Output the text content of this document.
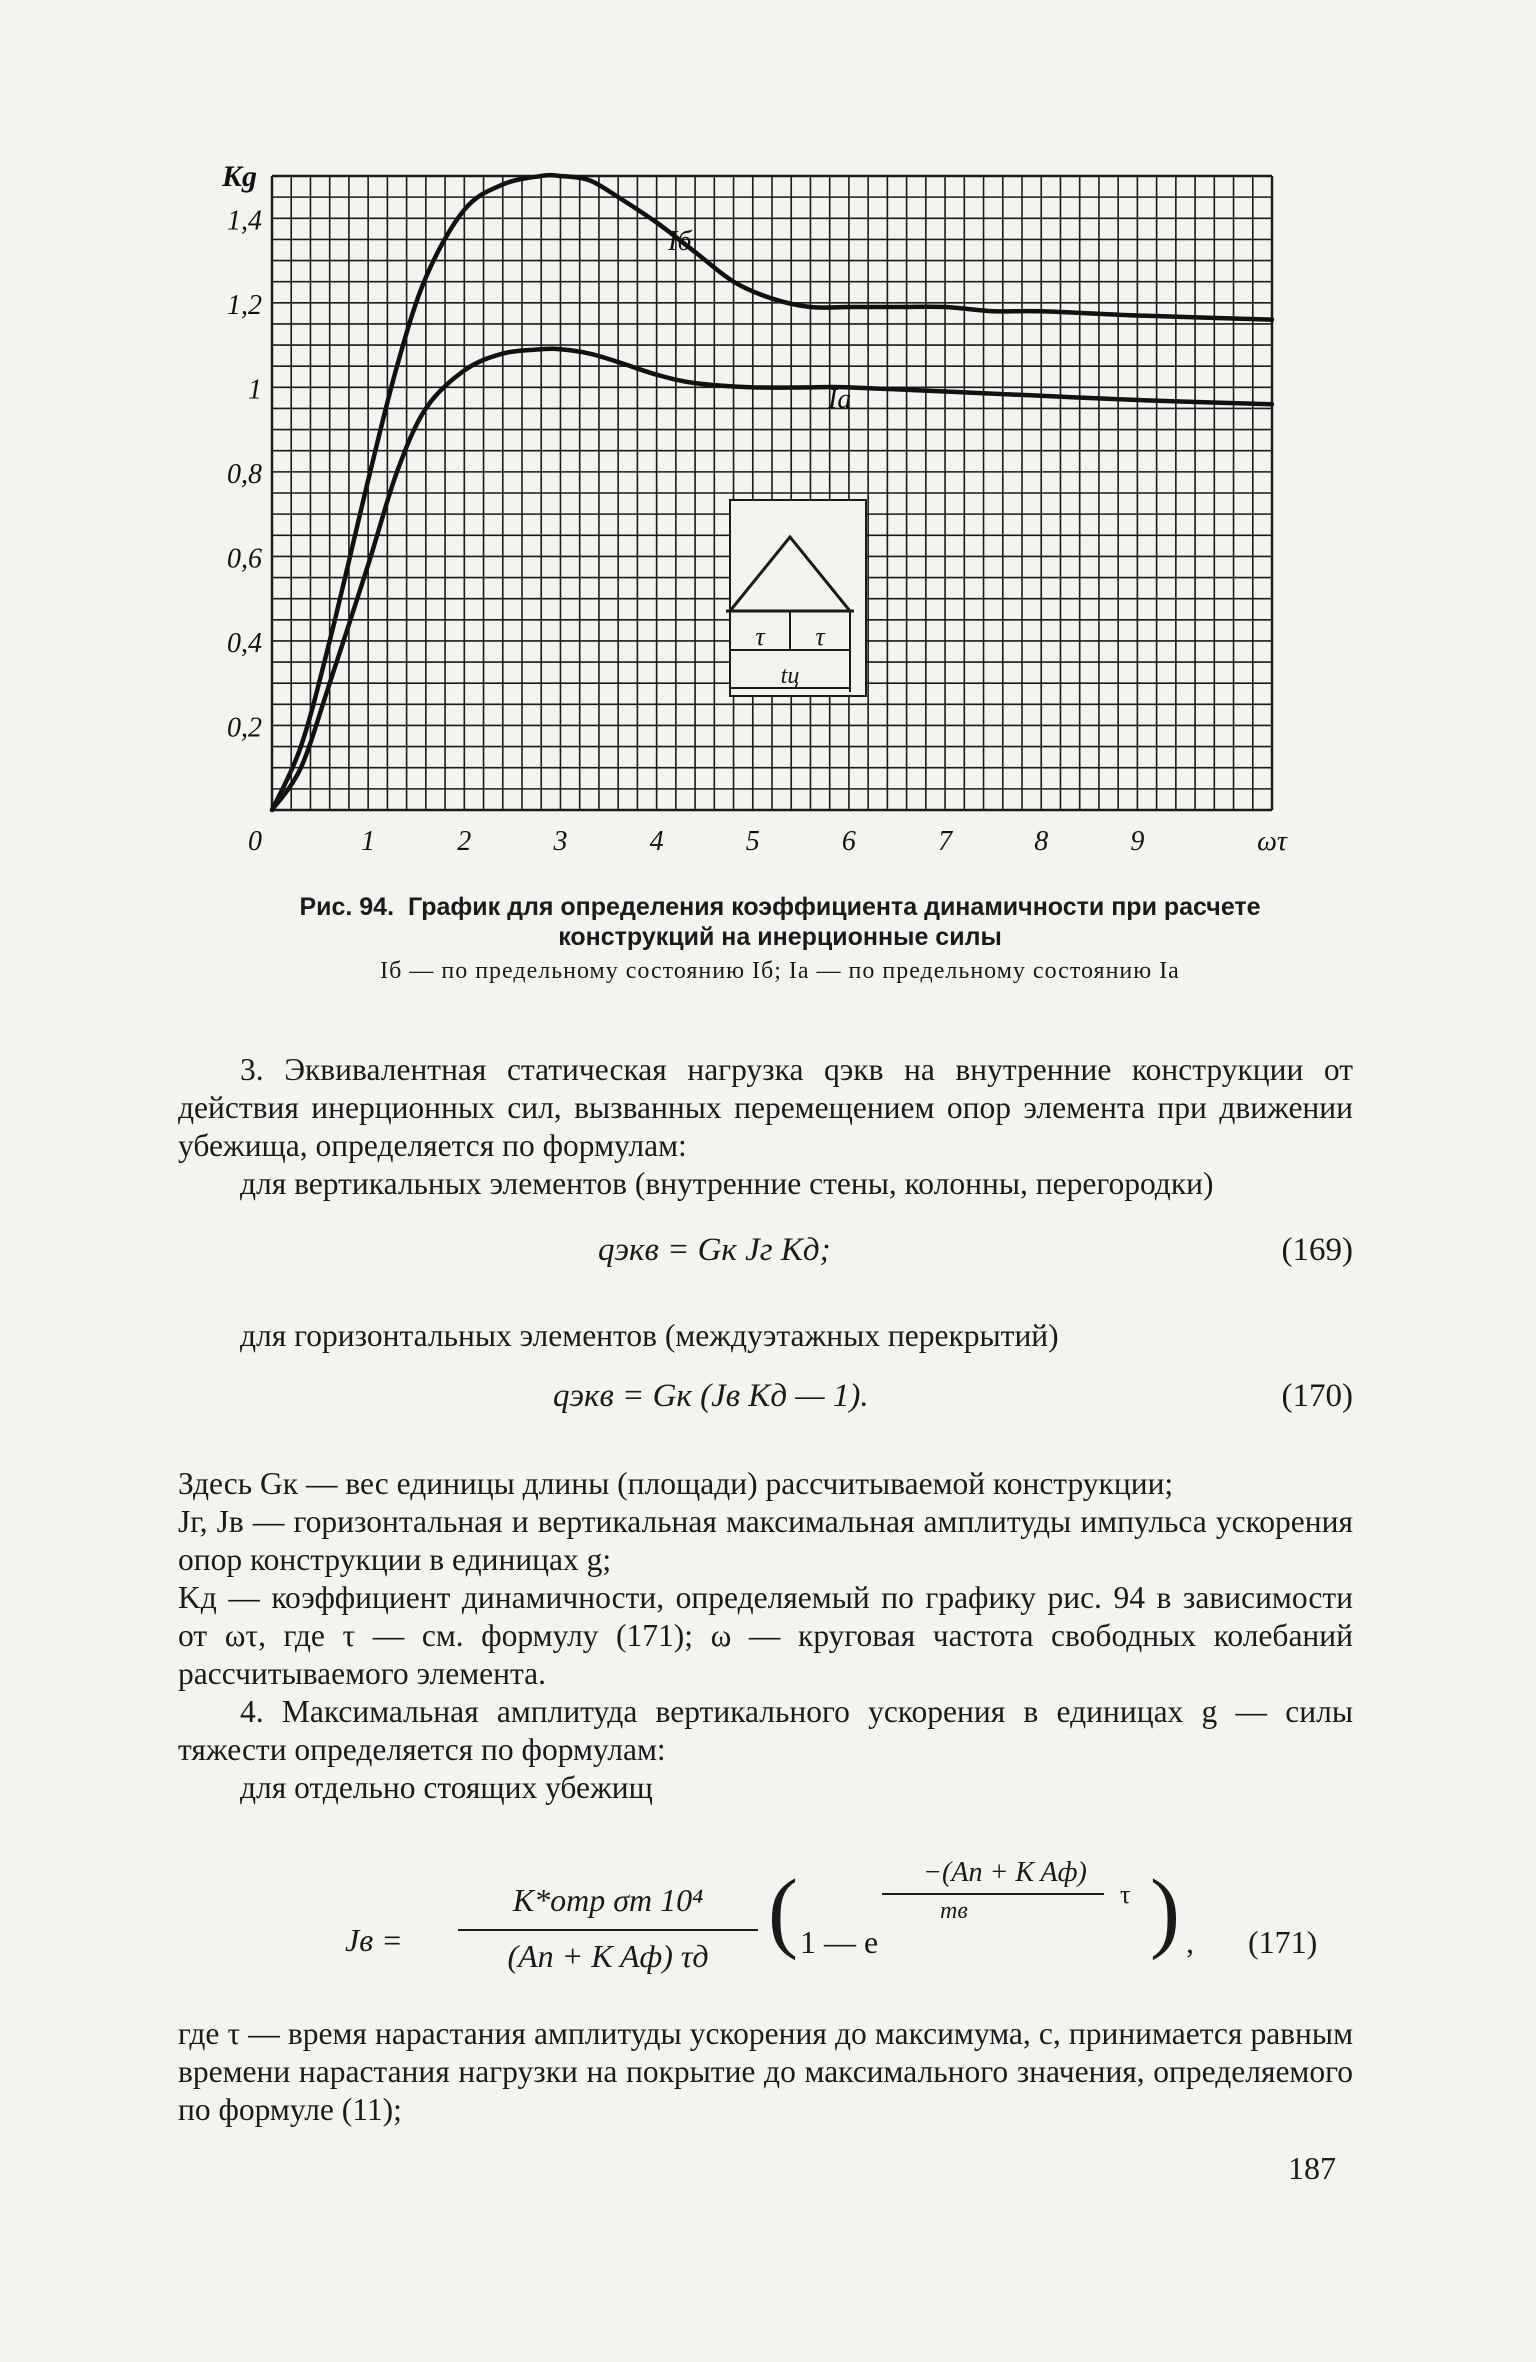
τ τ
tц
Iб
Iа
Kg
0,2
0,4
0,6
0,8
1
1,2
1,4
0	1	2	3	4	5	6	7	8	9	ωτ
Рис. 94. График для определения коэффициента динамичности при расчете
конструкций на инерционные силы
Iб — по предельному состоянию Iб; Iа — по предельному состоянию Iа

3. Эквивалентная статическая нагрузка qэкв на внутренние конструкции от действия инерционных сил, вызванных перемещением опор элемента при движении убежища, определяется по формулам:

для вертикальных элементов (внутренние стены, колонны, перегородки)

qэкв = Gк Jг Kд;	(169)

для горизонтальных элементов (междуэтажных перекрытий)

qэкв = Gк (Jв Kд — 1).	(170)

Здесь Gк — вес единицы длины (площади) рассчитываемой конструкции;

Jг, Jв — горизонтальная и вертикальная максимальная амплитуды импульса ускорения опор конструкции в единицах g;

Kд — коэффициент динамичности, определяемый по графику рис. 94 в зависимости от ωτ, где τ — см. формулу (171); ω — круговая частота свободных колебаний рассчитываемого элемента.

4. Максимальная амплитуда вертикального ускорения в единицах g — силы тяжести определяется по формулам:

для отдельно стоящих убежищ

Jв =
K*отр σm 10⁴
(An + K Aф) τд ( 1 — e
−(An + K Aф)
mв
τ ) , (171)

где τ — время нарастания амплитуды ускорения до максимума, с, принимается равным времени нарастания нагрузки на покрытие до максимального значения, определяемого по формуле (11);

187
